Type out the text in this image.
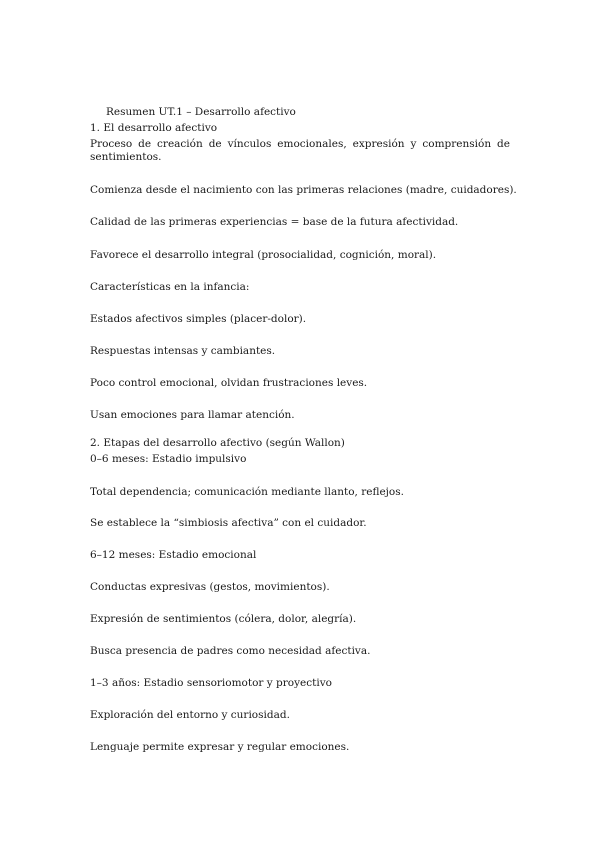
Resumen UT.1 – Desarrollo afectivo
1. El desarrollo afectivo
Proceso de creación de vínculos emocionales, expresión y comprensión de sentimientos.
Comienza desde el nacimiento con las primeras relaciones (madre, cuidadores).
Calidad de las primeras experiencias = base de la futura afectividad.
Favorece el desarrollo integral (prosocialidad, cognición, moral).
Características en la infancia:
Estados afectivos simples (placer-dolor).
Respuestas intensas y cambiantes.
Poco control emocional, olvidan frustraciones leves.
Usan emociones para llamar atención.
2. Etapas del desarrollo afectivo (según Wallon)
0–6 meses: Estadio impulsivo
Total dependencia; comunicación mediante llanto, reflejos.
Se establece la “simbiosis afectiva” con el cuidador.
6–12 meses: Estadio emocional
Conductas expresivas (gestos, movimientos).
Expresión de sentimientos (cólera, dolor, alegría).
Busca presencia de padres como necesidad afectiva.
1–3 años: Estadio sensoriomotor y proyectivo
Exploración del entorno y curiosidad.
Lenguaje permite expresar y regular emociones.
